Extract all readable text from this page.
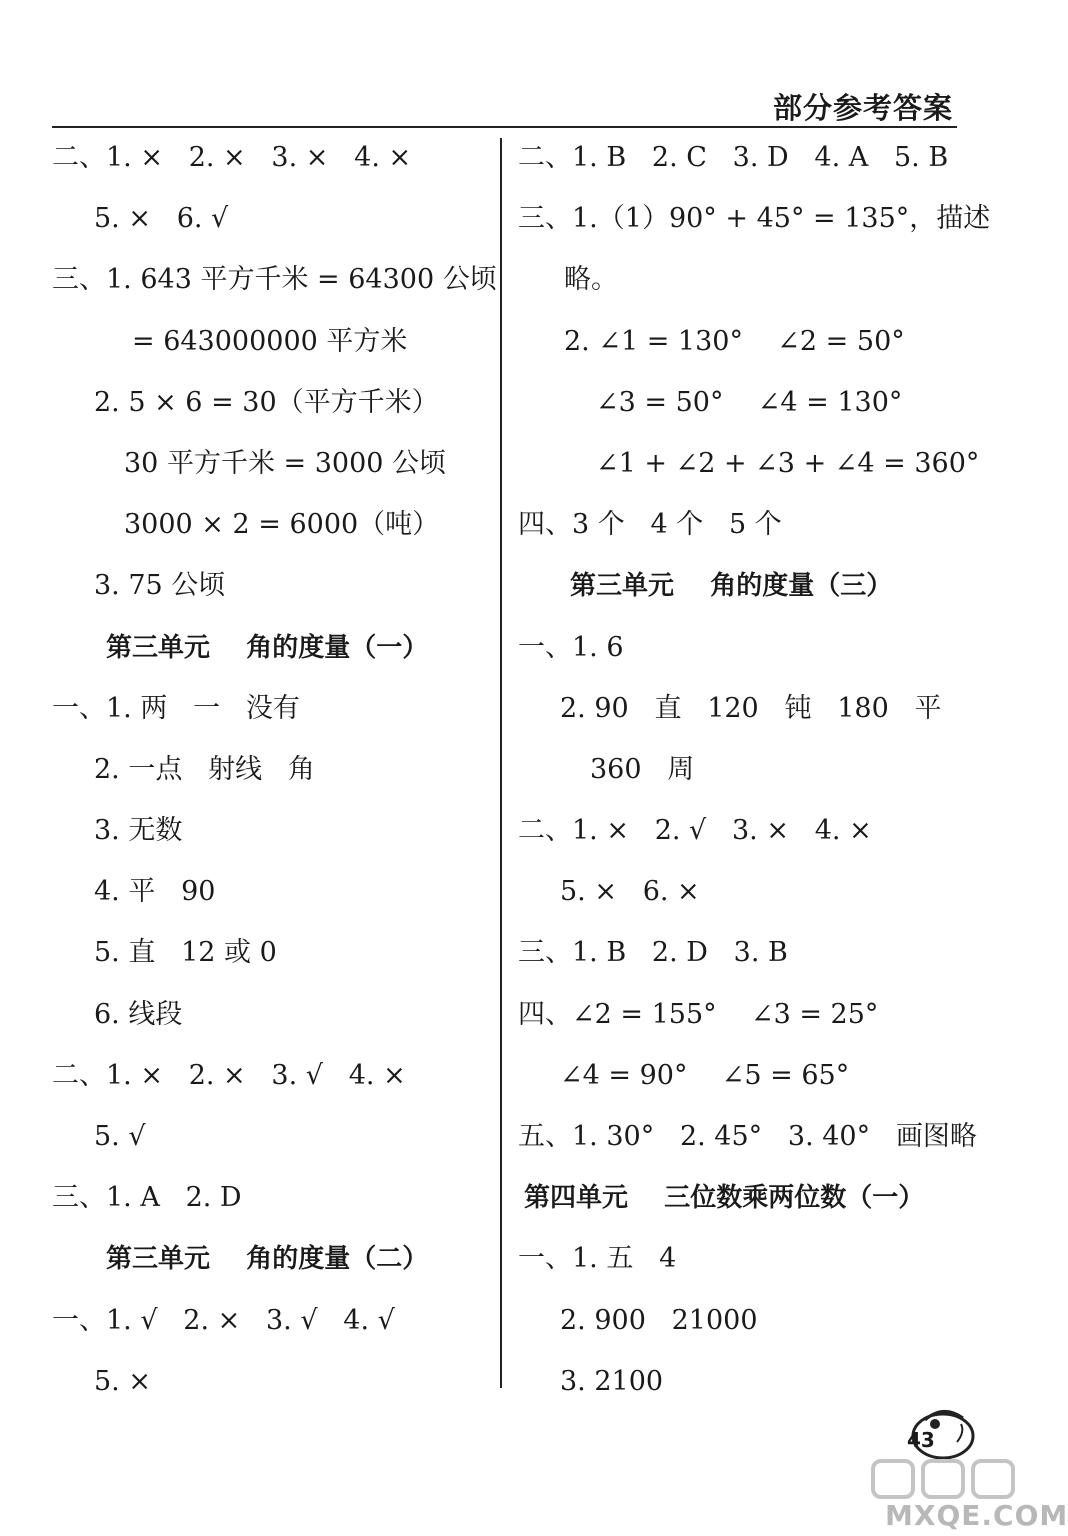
部分参考答案
二、1. ×   2. ×   3. ×   4. ×
5. ×   6. √
三、1. 643 平方千米 = 64300 公顷
= 643000000 平方米
2. 5 × 6 = 30（平方千米）
30 平方千米 = 3000 公顷
3000 × 2 = 6000（吨）
3. 75 公顷
第三单元    角的度量（一）
一、1. 两   一   没有
2. 一点   射线   角
3. 无数
4. 平   90
5. 直   12 或 0
6. 线段
二、1. ×   2. ×   3. √   4. ×
5. √
三、1. A   2. D
第三单元    角的度量（二）
一、1. √   2. ×   3. √   4. √
5. ×
二、1. B   2. C   3. D   4. A   5. B
三、1.（1）90° + 45° = 135°，描述
略。
2. ∠1 = 130°    ∠2 = 50°
∠3 = 50°    ∠4 = 130°
∠1 + ∠2 + ∠3 + ∠4 = 360°
四、3 个   4 个   5 个
第三单元    角的度量（三）
一、1. 6
2. 90   直   120   钝   180   平
360   周
二、1. ×   2. √   3. ×   4. ×
5. ×   6. ×
三、1. B   2. D   3. B
四、∠2 = 155°    ∠3 = 25°
∠4 = 90°    ∠5 = 65°
五、1. 30°   2. 45°   3. 40°   画图略
第四单元    三位数乘两位数（一）
一、1. 五   4
2. 900   21000
3. 2100
43
MXQE.COM
